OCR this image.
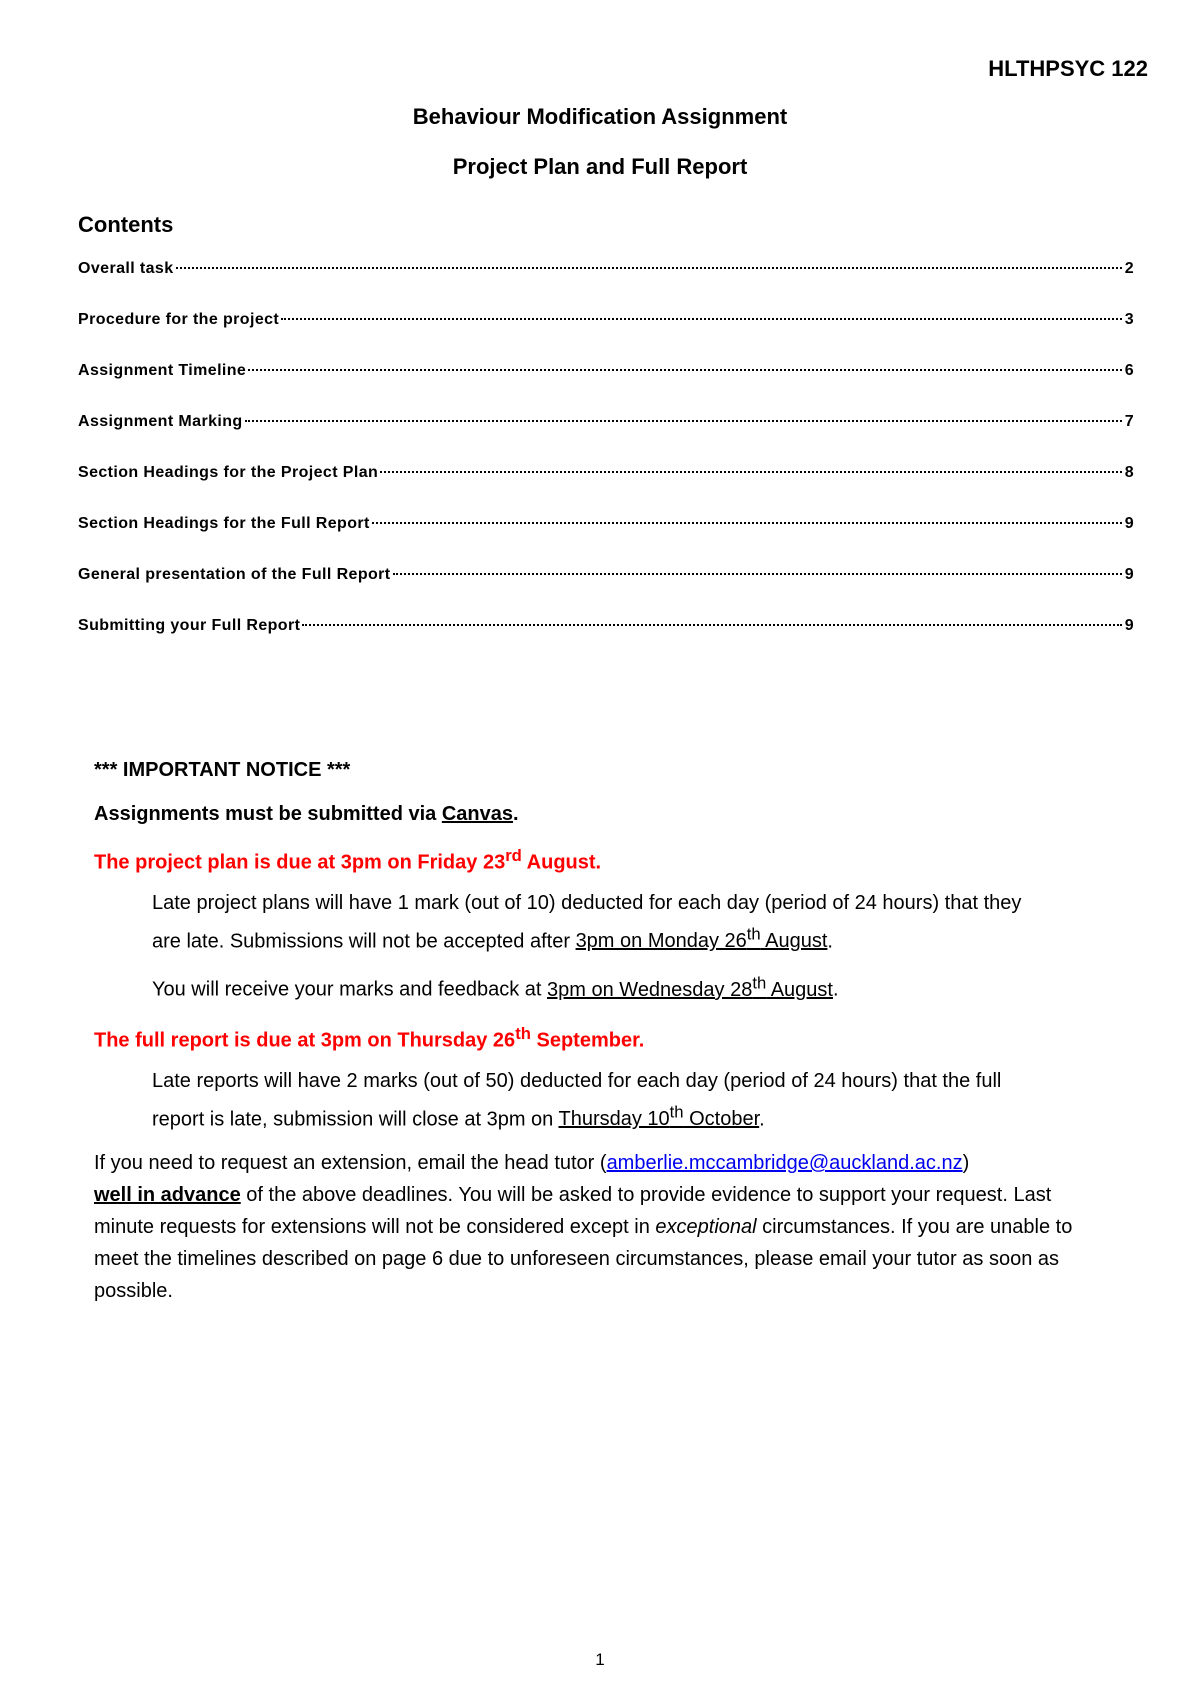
HLTHPSYC 122
Behaviour Modification Assignment
Project Plan and Full Report
Contents
Overall task	2
Procedure for the project	3
Assignment Timeline	6
Assignment Marking	7
Section Headings for the Project Plan	8
Section Headings for the Full Report	9
General presentation of the Full Report	9
Submitting your Full Report	9

*** IMPORTANT NOTICE ***

Assignments must be submitted via Canvas.

The project plan is due at 3pm on Friday 23rd August.

Late project plans will have 1 mark (out of 10) deducted for each day (period of 24 hours) that they are late. Submissions will not be accepted after 3pm on Monday 26th August.

You will receive your marks and feedback at 3pm on Wednesday 28th August.

The full report is due at 3pm on Thursday 26th September.

Late reports will have 2 marks (out of 50) deducted for each day (period of 24 hours) that the full report is late, submission will close at 3pm on Thursday 10th October.

If you need to request an extension, email the head tutor (amberlie.mccambridge@auckland.ac.nz)
well in advance of the above deadlines. You will be asked to provide evidence to support your request. Last minute requests for extensions will not be considered except in exceptional circumstances. If you are unable to meet the timelines described on page 6 due to unforeseen circumstances, please email your tutor as soon as possible.

1
